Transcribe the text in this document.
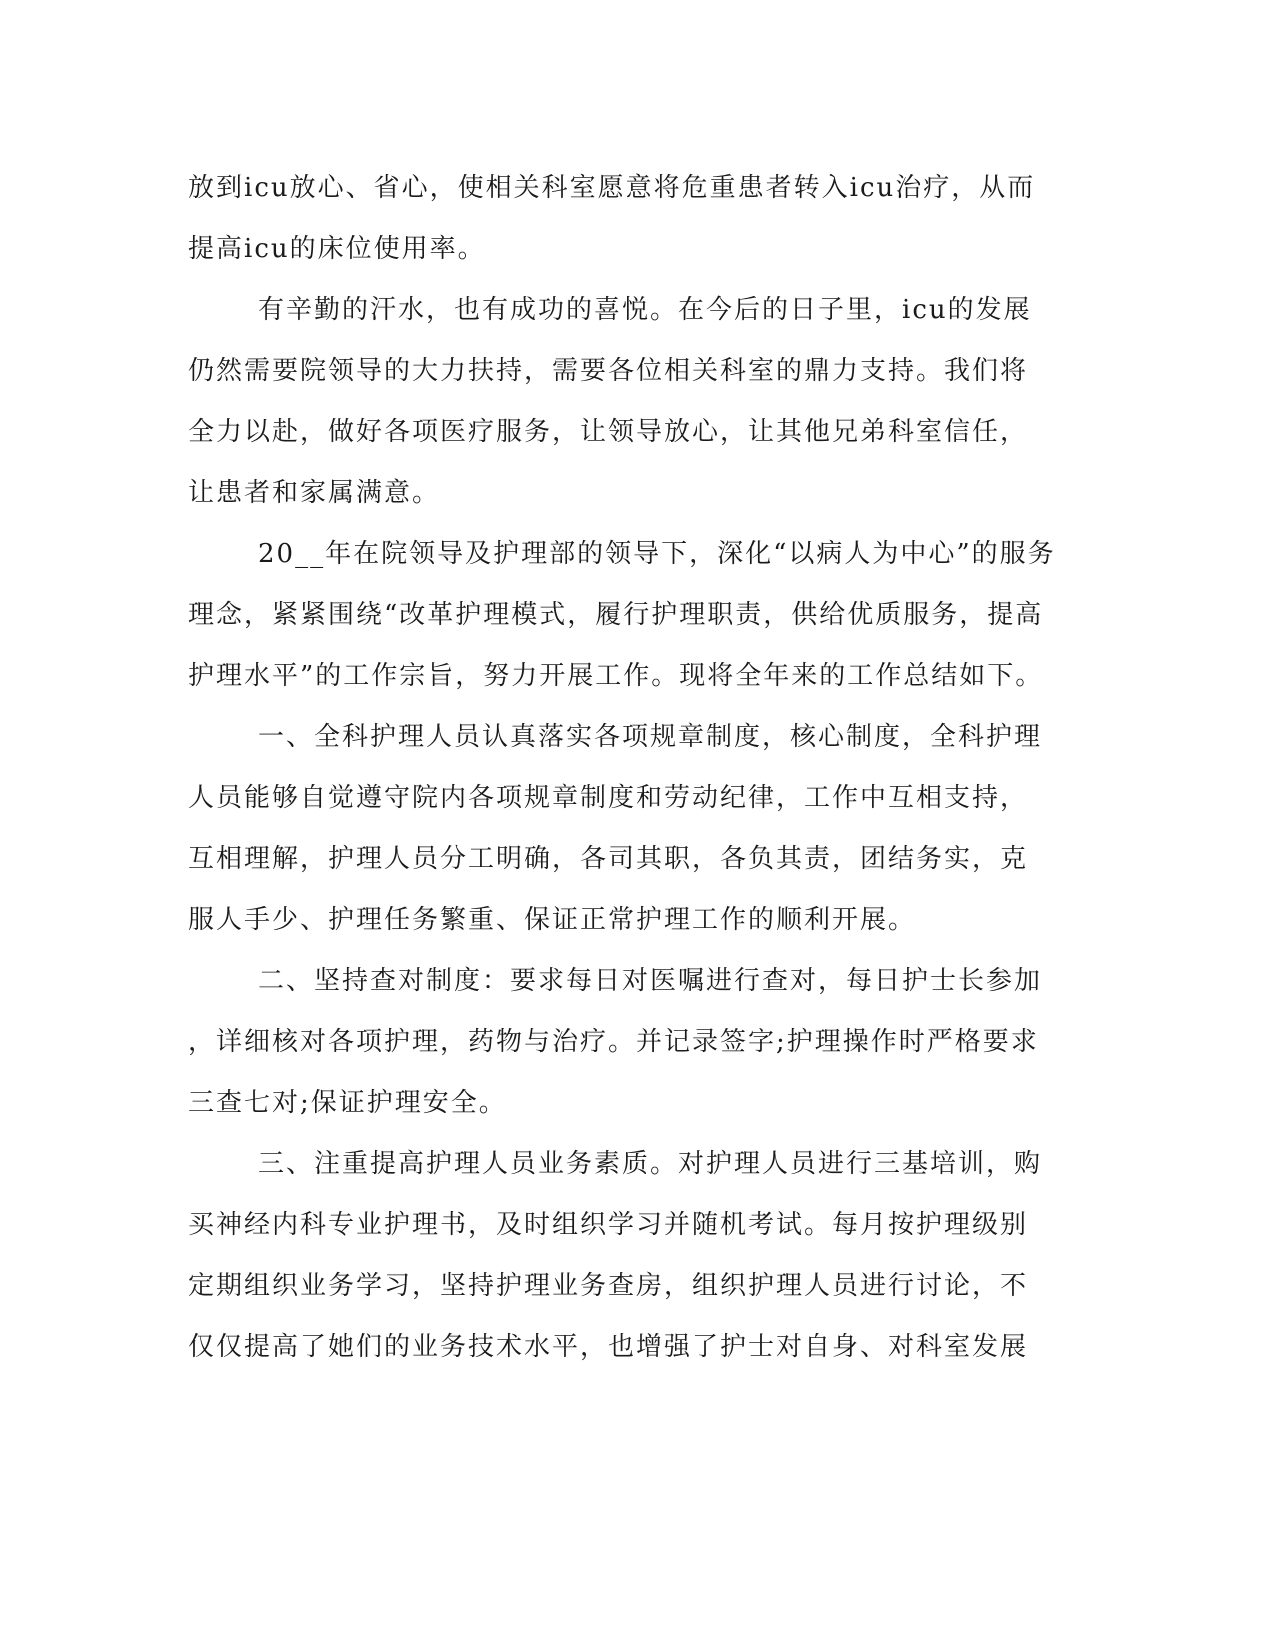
放到icu放心、省心，使相关科室愿意将危重患者转入icu治疗，从而
提高icu的床位使用率。
有辛勤的汗水，也有成功的喜悦。在今后的日子里，icu的发展
仍然需要院领导的大力扶持，需要各位相关科室的鼎力支持。我们将
全力以赴，做好各项医疗服务，让领导放心，让其他兄弟科室信任，
让患者和家属满意。
20__年在院领导及护理部的领导下，深化“以病人为中心”的服务
理念，紧紧围绕“改革护理模式，履行护理职责，供给优质服务，提高
护理水平”的工作宗旨，努力开展工作。现将全年来的工作总结如下。
一、全科护理人员认真落实各项规章制度，核心制度，全科护理
人员能够自觉遵守院内各项规章制度和劳动纪律，工作中互相支持，
互相理解，护理人员分工明确，各司其职，各负其责，团结务实，克
服人手少、护理任务繁重、保证正常护理工作的顺利开展。
二、坚持查对制度：要求每日对医嘱进行查对，每日护士长参加
，详细核对各项护理，药物与治疗。并记录签字;护理操作时严格要求
三查七对;保证护理安全。
三、注重提高护理人员业务素质。对护理人员进行三基培训，购
买神经内科专业护理书，及时组织学习并随机考试。每月按护理级别
定期组织业务学习，坚持护理业务查房，组织护理人员进行讨论，不
仅仅提高了她们的业务技术水平，也增强了护士对自身、对科室发展
